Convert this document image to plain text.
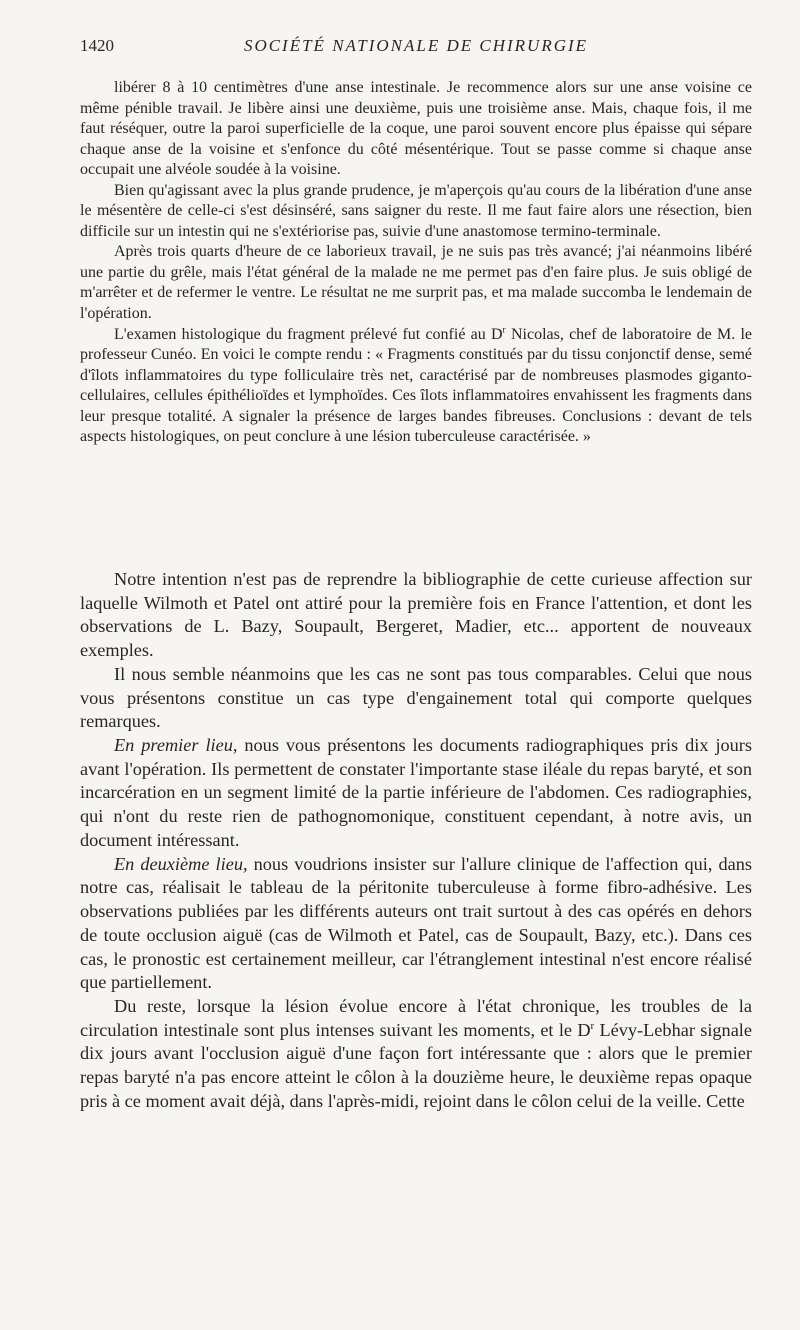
1420	SOCIÉTÉ NATIONALE DE CHIRURGIE

libérer 8 à 10 centimètres d'une anse intestinale. Je recommence alors sur une anse voisine ce même pénible travail. Je libère ainsi une deuxième, puis une troisième anse. Mais, chaque fois, il me faut réséquer, outre la paroi superficielle de la coque, une paroi souvent encore plus épaisse qui sépare chaque anse de la voisine et s'enfonce du côté mésentérique. Tout se passe comme si chaque anse occupait une alvéole soudée à la voisine.

Bien qu'agissant avec la plus grande prudence, je m'aperçois qu'au cours de la libération d'une anse le mésentère de celle-ci s'est désinséré, sans saigner du reste. Il me faut faire alors une résection, bien difficile sur un intestin qui ne s'extériorise pas, suivie d'une anastomose termino-terminale.

Après trois quarts d'heure de ce laborieux travail, je ne suis pas très avancé; j'ai néanmoins libéré une partie du grêle, mais l'état général de la malade ne me permet pas d'en faire plus. Je suis obligé de m'arrêter et de refermer le ventre. Le résultat ne me surprit pas, et ma malade succomba le lendemain de l'opération.

L'examen histologique du fragment prélevé fut confié au $D^r$ Nicolas, chef de laboratoire de M. le professeur Cunéo. En voici le compte rendu : « Fragments constitués par du tissu conjonctif dense, semé d'îlots inflammatoires du type folliculaire très net, caractérisé par de nombreuses plasmodes giganto-cellulaires, cellules épithélioïdes et lymphoïdes. Ces îlots inflammatoires envahissent les fragments dans leur presque totalité. A signaler la présence de larges bandes fibreuses. Conclusions : devant de tels aspects histologiques, on peut conclure à une lésion tuberculeuse caractérisée. »

Notre intention n'est pas de reprendre la bibliographie de cette curieuse affection sur laquelle Wilmoth et Patel ont attiré pour la première fois en France l'attention, et dont les observations de L. Bazy, Soupault, Bergeret, Madier, etc... apportent de nouveaux exemples.

Il nous semble néanmoins que les cas ne sont pas tous comparables. Celui que nous vous présentons constitue un cas type d'engainement total qui comporte quelques remarques.

En premier lieu, nous vous présentons les documents radiographiques pris dix jours avant l'opération. Ils permettent de constater l'importante stase iléale du repas baryté, et son incarcération en un segment limité de la partie inférieure de l'abdomen. Ces radiographies, qui n'ont du reste rien de pathognomonique, constituent cependant, à notre avis, un document intéressant.

En deuxième lieu, nous voudrions insister sur l'allure clinique de l'affection qui, dans notre cas, réalisait le tableau de la péritonite tuberculeuse à forme fibro-adhésive. Les observations publiées par les différents auteurs ont trait surtout à des cas opérés en dehors de toute occlusion aiguë (cas de Wilmoth et Patel, cas de Soupault, Bazy, etc.). Dans ces cas, le pronostic est certainement meilleur, car l'étranglement intestinal n'est encore réalisé que partiellement.

Du reste, lorsque la lésion évolue encore à l'état chronique, les troubles de la circulation intestinale sont plus intenses suivant les moments, et le $D^r$ Lévy-Lebhar signale dix jours avant l'occlusion aiguë d'une façon fort intéressante que : alors que le premier repas baryté n'a pas encore atteint le côlon à la douzième heure, le deuxième repas opaque pris à ce moment avait déjà, dans l'après-midi, rejoint dans le côlon celui de la veille. Cette
